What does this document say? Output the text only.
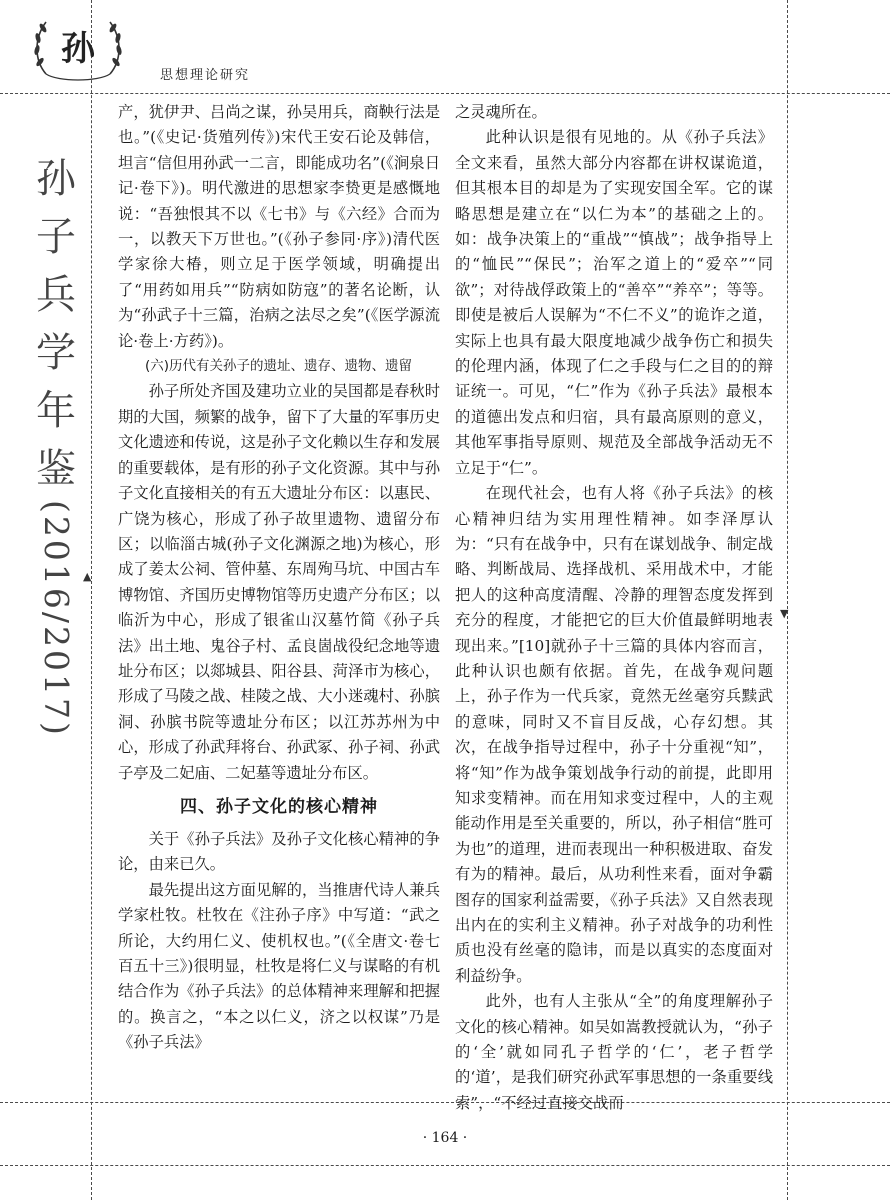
孙
思想理论研究
孙
子
兵
学
年
鉴
(2016/2017) ▲
▼

产，犹伊尹、吕尚之谋，孙吴用兵，商鞅行法是也。”(《史记·货殖列传》)宋代王安石论及韩信，坦言“信但用孙武一二言，即能成功名”(《涧泉日记·卷下》)。明代激进的思想家李贽更是感慨地说：“吾独恨其不以《七书》与《六经》合而为一，以教天下万世也。”(《孙子参同·序》)清代医学家徐大椿，则立足于医学领域，明确提出了“用药如用兵”“防病如防寇”的著名论断，认为“孙武子十三篇，治病之法尽之矣”(《医学源流论·卷上·方药》)。

(六)历代有关孙子的遗址、遗存、遗物、遗留

孙子所处齐国及建功立业的吴国都是春秋时期的大国，频繁的战争，留下了大量的军事历史文化遗迹和传说，这是孙子文化赖以生存和发展的重要载体，是有形的孙子文化资源。其中与孙子文化直接相关的有五大遗址分布区：以惠民、广饶为核心，形成了孙子故里遗物、遗留分布区；以临淄古城(孙子文化渊源之地)为核心，形成了姜太公祠、管仲墓、东周殉马坑、中国古车博物馆、齐国历史博物馆等历史遗产分布区；以临沂为中心，形成了银雀山汉墓竹简《孙子兵法》出土地、鬼谷子村、孟良崮战役纪念地等遗址分布区；以郯城县、阳谷县、菏泽市为核心，形成了马陵之战、桂陵之战、大小迷魂村、孙膑洞、孙膑书院等遗址分布区；以江苏苏州为中心，形成了孙武拜将台、孙武冢、孙子祠、孙武子亭及二妃庙、二妃墓等遗址分布区。

四、孙子文化的核心精神

关于《孙子兵法》及孙子文化核心精神的争论，由来已久。

最先提出这方面见解的，当推唐代诗人兼兵学家杜牧。杜牧在《注孙子序》中写道：“武之所论，大约用仁义、使机权也。”(《全唐文·卷七百五十三》)很明显，杜牧是将仁义与谋略的有机结合作为《孙子兵法》的总体精神来理解和把握的。换言之，“本之以仁义，济之以权谋”乃是《孙子兵法》

之灵魂所在。

此种认识是很有见地的。从《孙子兵法》全文来看，虽然大部分内容都在讲权谋诡道，但其根本目的却是为了实现安国全军。它的谋略思想是建立在“以仁为本”的基础之上的。如：战争决策上的“重战”“慎战”；战争指导上的“恤民”“保民”；治军之道上的“爱卒”“同欲”；对待战俘政策上的“善卒”“养卒”；等等。即使是被后人误解为“不仁不义”的诡诈之道，实际上也具有最大限度地减少战争伤亡和损失的伦理内涵，体现了仁之手段与仁之目的的辩证统一。可见，“仁”作为《孙子兵法》最根本的道德出发点和归宿，具有最高原则的意义，其他军事指导原则、规范及全部战争活动无不立足于“仁”。

在现代社会，也有人将《孙子兵法》的核心精神归结为实用理性精神。如李泽厚认为：“只有在战争中，只有在谋划战争、制定战略、判断战局、选择战机、采用战术中，才能把人的这种高度清醒、冷静的理智态度发挥到充分的程度，才能把它的巨大价值最鲜明地表现出来。”[10]就孙子十三篇的具体内容而言，此种认识也颇有依据。首先，在战争观问题上，孙子作为一代兵家，竟然无丝毫穷兵黩武的意味，同时又不盲目反战，心存幻想。其次，在战争指导过程中，孙子十分重视“知”，将“知”作为战争策划战争行动的前提，此即用知求变精神。而在用知求变过程中，人的主观能动作用是至关重要的，所以，孙子相信“胜可为也”的道理，进而表现出一种积极进取、奋发有为的精神。最后，从功利性来看，面对争霸图存的国家利益需要，《孙子兵法》又自然表现出内在的实利主义精神。孙子对战争的功利性质也没有丝毫的隐讳，而是以真实的态度面对利益纷争。

此外，也有人主张从“全”的角度理解孙子文化的核心精神。如吴如嵩教授就认为，“孙子的‘全’就如同孔子哲学的‘仁’，老子哲学的‘道’，是我们研究孙武军事思想的一条重要线索”，“不经过直接交战而

· 164 ·
